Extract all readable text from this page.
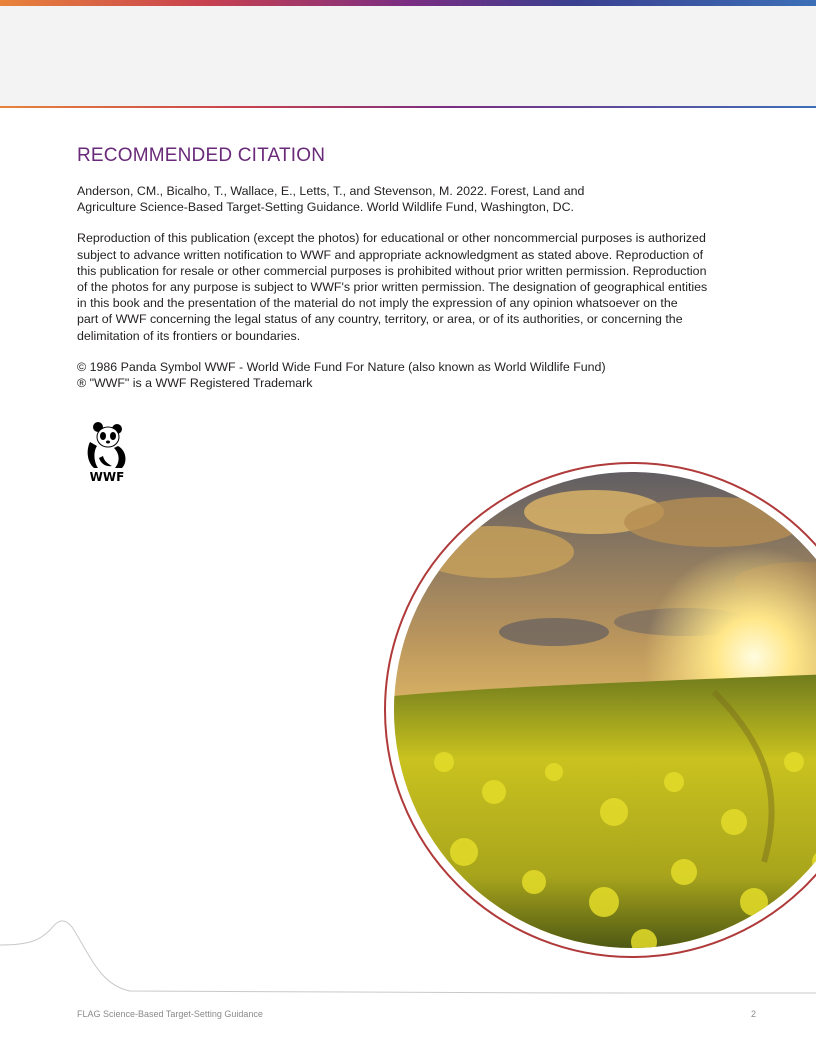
RECOMMENDED CITATION

Anderson, CM., Bicalho, T., Wallace, E., Letts, T., and Stevenson, M. 2022. Forest, Land and
Agriculture Science-Based Target-Setting Guidance. World Wildlife Fund, Washington, DC.

Reproduction of this publication (except the photos) for educational or other noncommercial purposes is authorized
subject to advance written notification to WWF and appropriate acknowledgment as stated above. Reproduction of
this publication for resale or other commercial purposes is prohibited without prior written permission. Reproduction
of the photos for any purpose is subject to WWF's prior written permission. The designation of geographical entities
in this book and the presentation of the material do not imply the expression of any opinion whatsoever on the
part of WWF concerning the legal status of any country, territory, or area, or of its authorities, or concerning the
delimitation of its frontiers or boundaries.

© 1986 Panda Symbol WWF - World Wide Fund For Nature (also known as World Wildlife Fund)
® "WWF" is a WWF Registered Trademark

®
WWF
FLAG Science-Based Target-Setting Guidance	2
